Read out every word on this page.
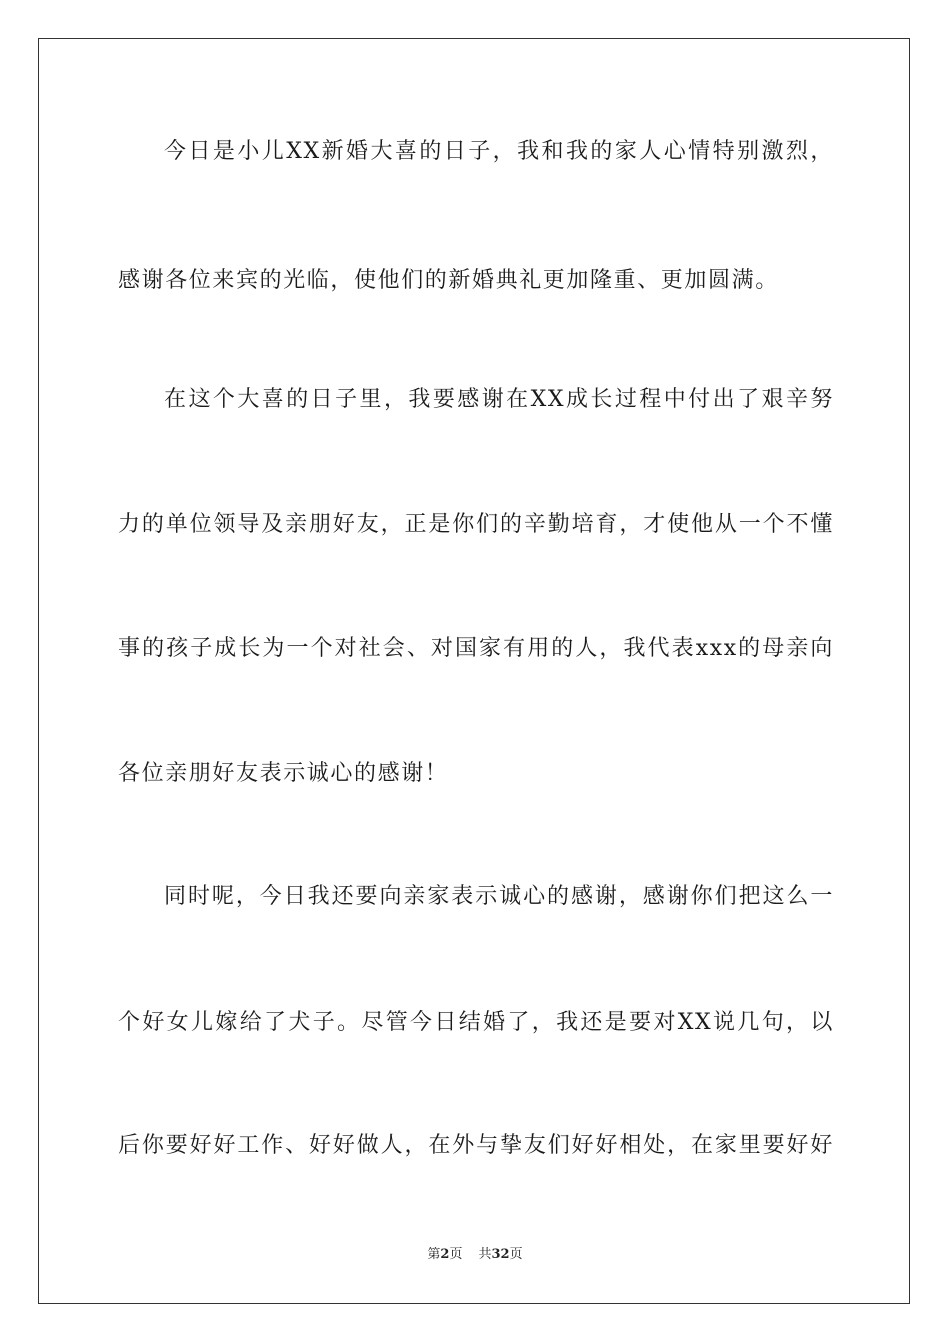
今日是小儿XX新婚大喜的日子，我和我的家人心情特别激烈，
感谢各位来宾的光临，使他们的新婚典礼更加隆重、更加圆满。
在这个大喜的日子里，我要感谢在XX成长过程中付出了艰辛努
力的单位领导及亲朋好友，正是你们的辛勤培育，才使他从一个不懂
事的孩子成长为一个对社会、对国家有用的人，我代表xxx的母亲向
各位亲朋好友表示诚心的感谢！
同时呢，今日我还要向亲家表示诚心的感谢，感谢你们把这么一
个好女儿嫁给了犬子。尽管今日结婚了，我还是要对XX说几句，以
后你要好好工作、好好做人，在外与挚友们好好相处，在家里要好好
第2页 共32页
